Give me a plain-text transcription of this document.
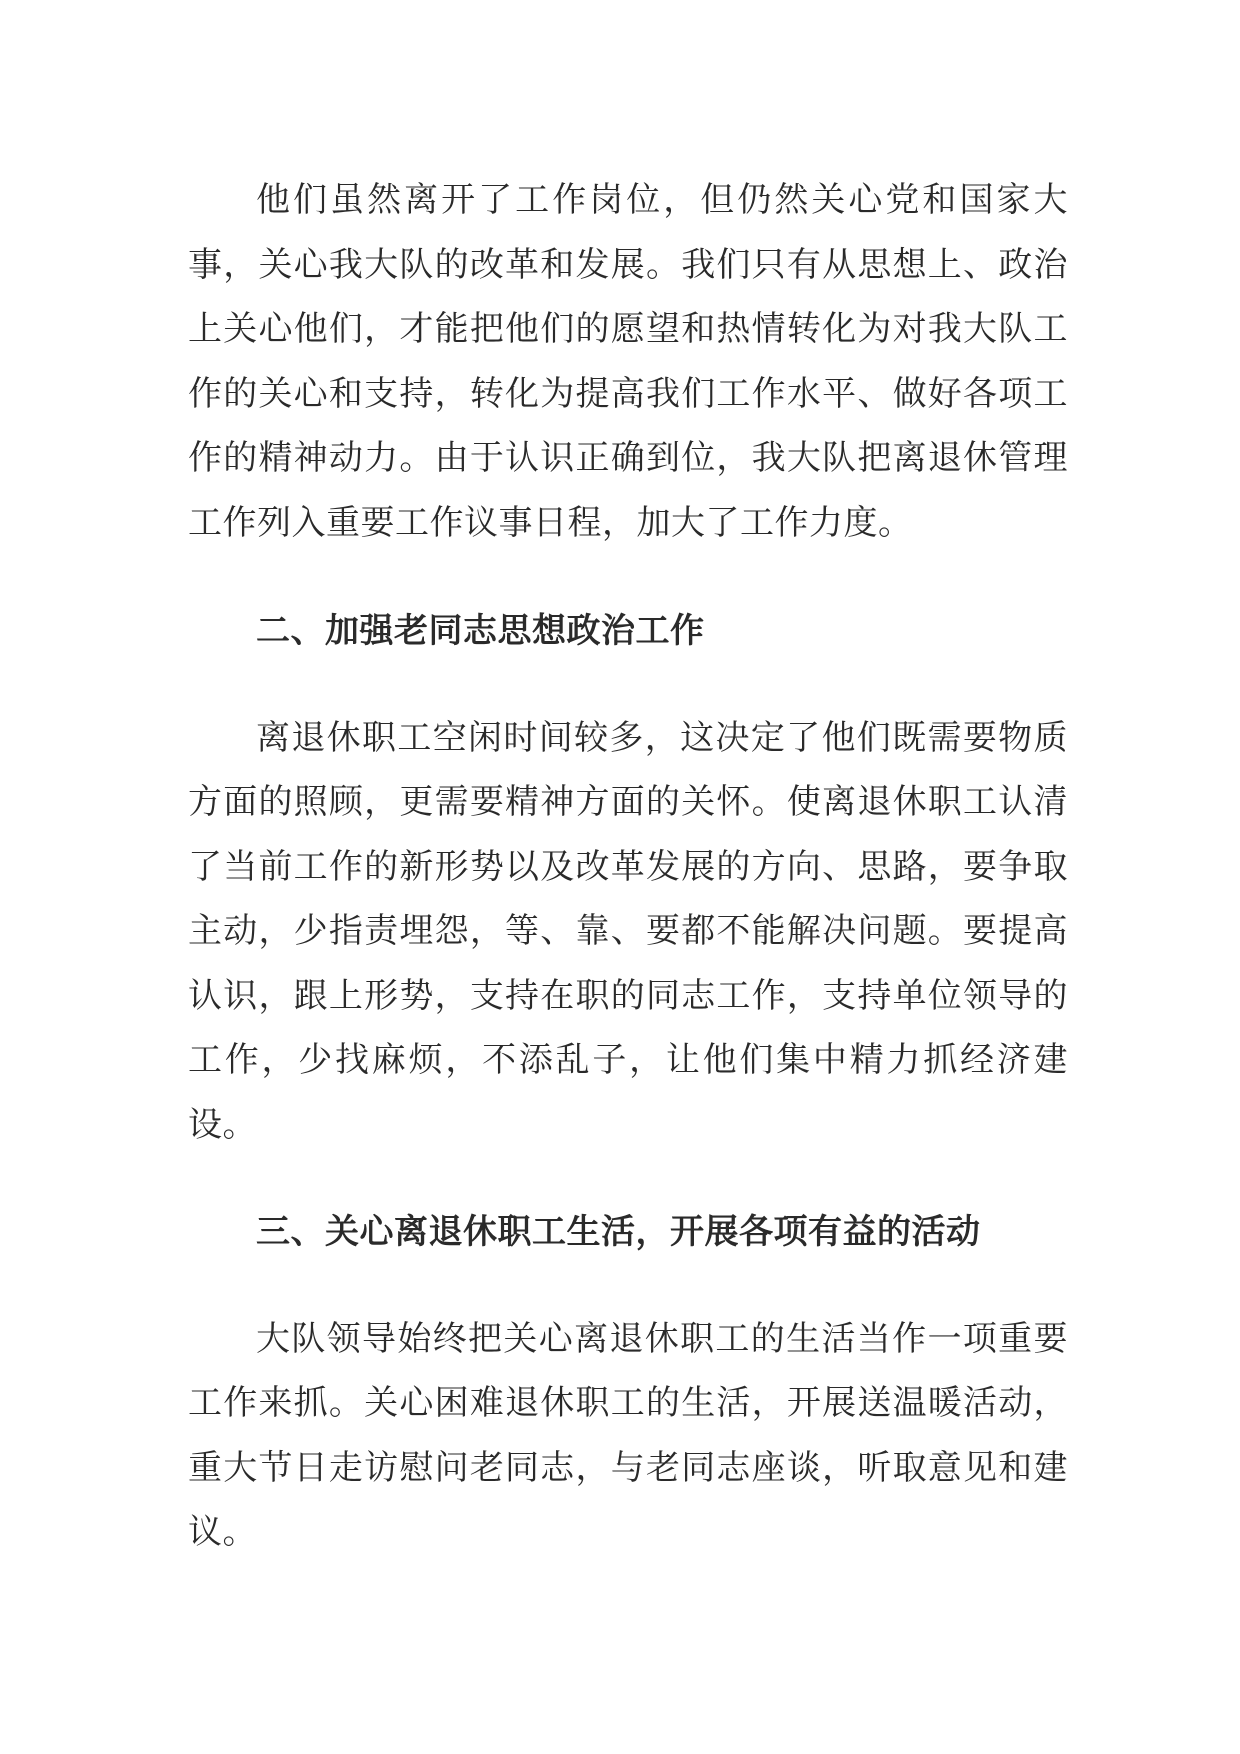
他们虽然离开了工作岗位，但仍然关心党和国家大事，关心我大队的改革和发展。我们只有从思想上、政治上关心他们，才能把他们的愿望和热情转化为对我大队工作的关心和支持，转化为提高我们工作水平、做好各项工作的精神动力。由于认识正确到位，我大队把离退休管理工作列入重要工作议事日程，加大了工作力度。

二、加强老同志思想政治工作

离退休职工空闲时间较多，这决定了他们既需要物质方面的照顾，更需要精神方面的关怀。使离退休职工认清了当前工作的新形势以及改革发展的方向、思路，要争取主动，少指责埋怨，等、靠、要都不能解决问题。要提高认识，跟上形势，支持在职的同志工作，支持单位领导的工作，少找麻烦，不添乱子，让他们集中精力抓经济建设。

三、关心离退休职工生活，开展各项有益的活动

大队领导始终把关心离退休职工的生活当作一项重要工作来抓。关心困难退休职工的生活，开展送温暖活动，重大节日走访慰问老同志，与老同志座谈，听取意见和建议。
